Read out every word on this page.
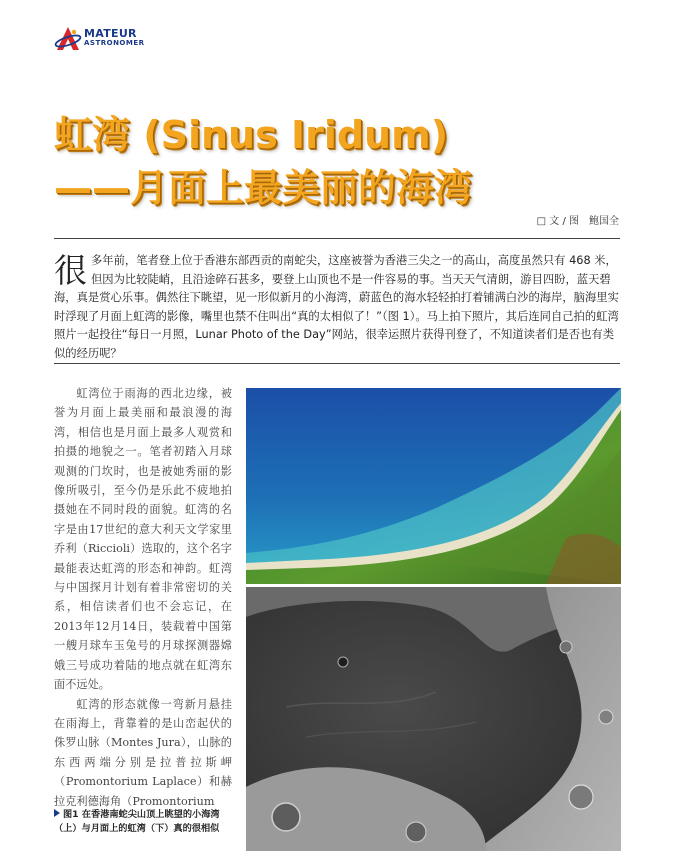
MATEUR
ASTRONOMER
虹湾 (Sinus Iridum)
——月面上最美丽的海湾
□ 文 / 图　鲍国全
很 多年前，笔者登上位于香港东部西贡的南蛇尖，这座被誉为香港三尖之一的高山，高度虽然只有 468 米，但因为比较陡峭，且沿途碎石甚多，要登上山顶也不是一件容易的事。当天天气清朗，游目四盼，蓝天碧海，真是赏心乐事。偶然往下眺望，见一形似新月的小海湾，蔚蓝色的海水轻轻拍打着铺满白沙的海岸，脑海里实时浮现了月面上虹湾的影像，嘴里也禁不住叫出“真的太相似了！”（图 1）。马上拍下照片，其后连同自己拍的虹湾照片一起投往“每日一月照，Lunar Photo of the Day”网站，很幸运照片获得刊登了，不知道读者们是否也有类似的经历呢？

虹湾位于雨海的西北边缘，被誉为月面上最美丽和最浪漫的海湾，相信也是月面上最多人观赏和拍摄的地貌之一。笔者初踏入月球观测的门坎时，也是被她秀丽的影像所吸引，至今仍是乐此不疲地拍摄她在不同时段的面貌。虹湾的名字是由17世纪的意大利天文学家里乔利（Riccioli）选取的，这个名字最能表达虹湾的形态和神韵。虹湾与中国探月计划有着非常密切的关系，相信读者们也不会忘记，在2013年12月14日，装载着中国第一艘月球车玉兔号的月球探测器嫦娥三号成功着陆的地点就在虹湾东面不远处。

虹湾的形态就像一弯新月悬挂在雨海上，背靠着的是山峦起伏的侏罗山脉（Montes Jura），山脉的东西两端分别是拉普拉斯岬（Promontorium Laplace）和赫拉克利德海角（Promontorium

图1 在香港南蛇尖山顶上眺望的小海湾（上）与月面上的虹湾（下）真的很相似
